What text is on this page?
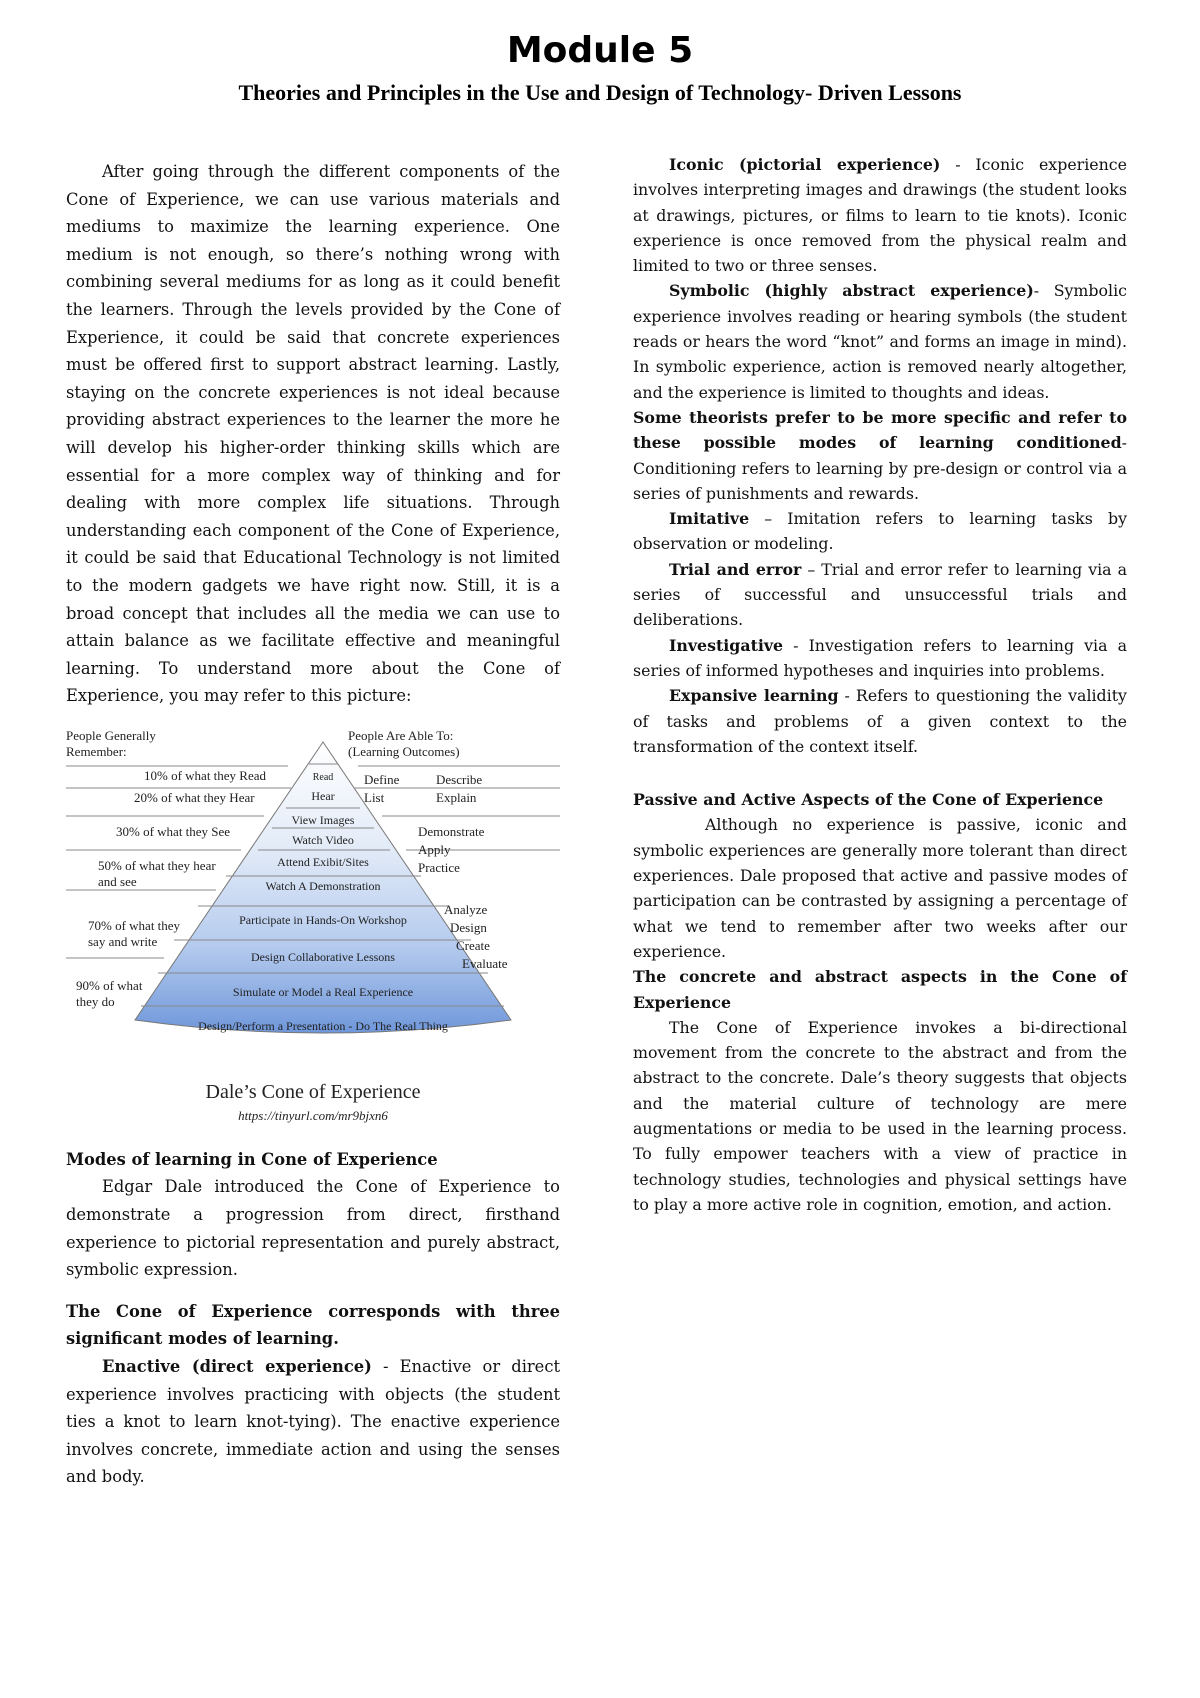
Module 5
Theories and Principles in the Use and Design of Technology- Driven Lessons

After going through the different components of the Cone of Experience, we can use various materials and mediums to maximize the learning experience. One medium is not enough, so there’s nothing wrong with combining several mediums for as long as it could benefit the learners. Through the levels provided by the Cone of Experience, it could be said that concrete experiences must be offered first to support abstract learning. Lastly, staying on the concrete experiences is not ideal because providing abstract experiences to the learner the more he will develop his higher-order thinking skills which are essential for a more complex way of thinking and for dealing with more complex life situations. Through understanding each component of the Cone of Experience, it could be said that Educational Technology is not limited to the modern gadgets we have right now. Still, it is a broad concept that includes all the media we can use to attain balance as we facilitate effective and meaningful learning. To understand more about the Cone of Experience, you may refer to this picture:

People Generally
Remember:
People Are Able To:
(Learning Outcomes)
10% of what they Read
20% of what they Hear
30% of what they See
50% of what they hear
and see
70% of what they
say and write
90% of what
they do
Read
Hear
View Images
Watch Video
Attend Exibit/Sites
Watch A Demonstration
Participate in Hands-On Workshop
Design Collaborative Lessons
Simulate or Model a Real Experience
Design/Perform a Presentation - Do The Real Thing
Define
List
Describe
Explain
Demonstrate
Apply
Practice
Analyze
Design
Create
Evaluate
Dale’s Cone of Experience
https://tinyurl.com/mr9bjxn6

Modes of learning in Cone of Experience

Edgar Dale introduced the Cone of Experience to demonstrate a progression from direct, firsthand experience to pictorial representation and purely abstract, symbolic expression.

The Cone of Experience corresponds with three significant modes of learning.

Enactive (direct experience) - Enactive or direct experience involves practicing with objects (the student ties a knot to learn knot-tying). The enactive experience involves concrete, immediate action and using the senses and body.

Iconic (pictorial experience) - Iconic experience involves interpreting images and drawings (the student looks at drawings, pictures, or films to learn to tie knots). Iconic experience is once removed from the physical realm and limited to two or three senses.

Symbolic (highly abstract experience)- Symbolic experience involves reading or hearing symbols (the student reads or hears the word “knot” and forms an image in mind). In symbolic experience, action is removed nearly altogether, and the experience is limited to thoughts and ideas.

Some theorists prefer to be more specific and refer to these possible modes of learning conditioned- Conditioning refers to learning by pre-design or control via a series of punishments and rewards.

Imitative – Imitation refers to learning tasks by observation or modeling.

Trial and error – Trial and error refer to learning via a series of successful and unsuccessful trials and deliberations.

Investigative - Investigation refers to learning via a series of informed hypotheses and inquiries into problems.

Expansive learning - Refers to questioning the validity of tasks and problems of a given context to the transformation of the context itself.

Passive and Active Aspects of the Cone of Experience

Although no experience is passive, iconic and symbolic experiences are generally more tolerant than direct experiences. Dale proposed that active and passive modes of participation can be contrasted by assigning a percentage of what we tend to remember after two weeks after our experience.

The concrete and abstract aspects in the Cone of Experience

The Cone of Experience invokes a bi-directional movement from the concrete to the abstract and from the abstract to the concrete. Dale’s theory suggests that objects and the material culture of technology are mere augmentations or media to be used in the learning process. To fully empower teachers with a view of practice in technology studies, technologies and physical settings have to play a more active role in cognition, emotion, and action.
